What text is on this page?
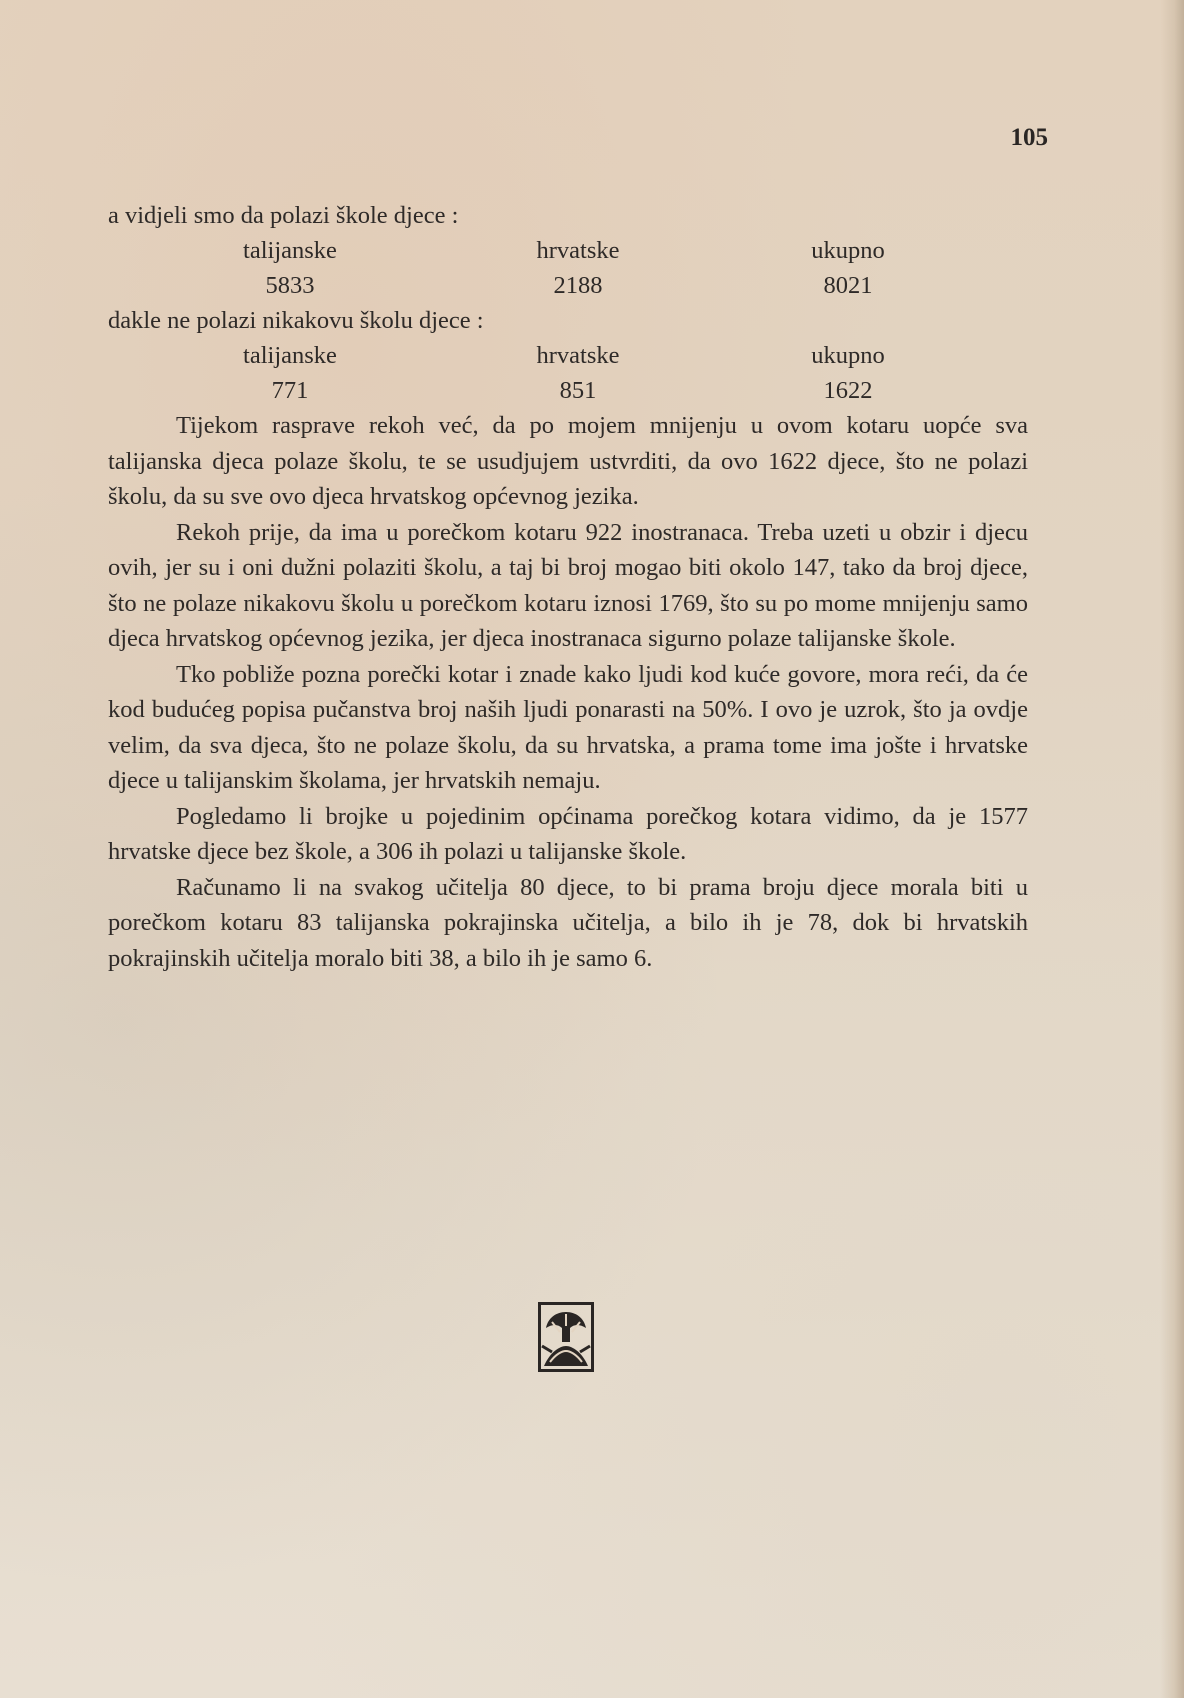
105
a vidjeli smo da polazi škole djece :
talijanske	hrvatske	ukupno
5833	2188	8021
dakle ne polazi nikakovu školu djece :
talijanske	hrvatske	ukupno
771	851	1622

Tijekom rasprave rekoh već, da po mojem mnijenju u ovom kotaru uopće sva talijanska djeca polaze školu, te se usudjujem ustvrditi, da ovo 1622 djece, što ne polazi školu, da su sve ovo djeca hrvatskog općevnog jezika.

Rekoh prije, da ima u porečkom kotaru 922 inostranaca. Treba uzeti u obzir i djecu ovih, jer su i oni dužni polaziti školu, a taj bi broj mogao biti okolo 147, tako da broj djece, što ne polaze nikakovu školu u porečkom kotaru iznosi 1769, što su po mome mnijenju samo djeca hrvatskog općevnog jezika, jer djeca inostranaca sigurno polaze talijanske škole.

Tko pobliže pozna porečki kotar i znade kako ljudi kod kuće govore, mora reći, da će kod budućeg popisa pučanstva broj naših ljudi ponarasti na 50%. I ovo je uzrok, što ja ovdje velim, da sva djeca, što ne polaze školu, da su hrvatska, a prama tome ima jošte i hrvatske djece u talijanskim školama, jer hrvatskih nemaju.

Pogledamo li brojke u pojedinim općinama porečkog kotara vidimo, da je 1577 hrvatske djece bez škole, a 306 ih polazi u talijanske škole.

Računamo li na svakog učitelja 80 djece, to bi prama broju djece morala biti u porečkom kotaru 83 talijanska pokrajinska učitelja, a bilo ih je 78, dok bi hrvatskih pokrajinskih učitelja moralo biti 38, a bilo ih je samo 6.
